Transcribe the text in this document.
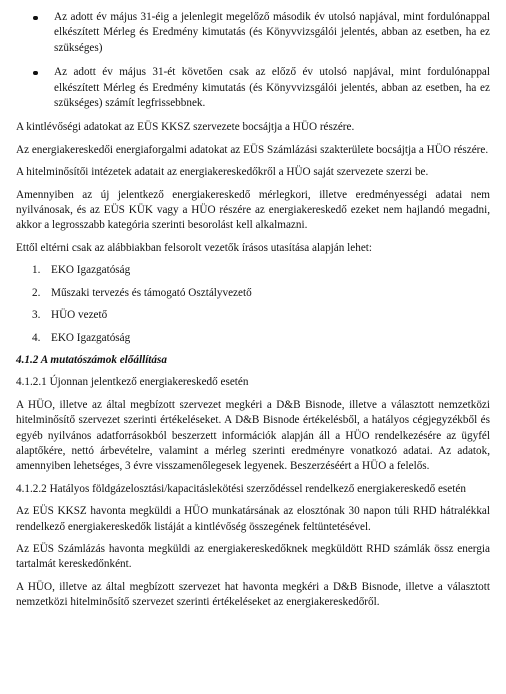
Az adott év május 31-éig a jelenlegit megelőző második év utolsó napjával, mint fordulónappal elkészített Mérleg és Eredmény kimutatás (és Könyvvizsgálói jelentés, abban az esetben, ha ez szükséges)
Az adott év május 31-ét követően csak az előző év utolsó napjával, mint fordulónappal elkészített Mérleg és Eredmény kimutatás (és Könyvvizsgálói jelentés, abban az esetben, ha ez szükséges) számít legfrissebbnek.

A kintlévőségi adatokat az EÜS KKSZ szervezete bocsájtja a HÜO részére.

Az energiakereskedői energiaforgalmi adatokat az EÜS Számlázási szakterülete bocsájtja a HÜO részére.

A hitelminősítői intézetek adatait az energiakereskedőkről a HÜO saját szervezete szerzi be.

Amennyiben az új jelentkező energiakereskedő mérlegkori, illetve eredményességi adatai nem nyilvánosak, és az EÜS KÜK vagy a HÜO részére az energiakereskedő ezeket nem hajlandó megadni, akkor a legrosszabb kategória szerinti besorolást kell alkalmazni.

Ettől eltérni csak az alábbiakban felsorolt vezetők írásos utasítása alapján lehet:

1. EKO Igazgatóság
2. Műszaki tervezés és támogató Osztályvezető
3. HÜO vezető
4. EKO Igazgatóság

4.1.2 A mutatószámok előállítása

4.1.2.1 Újonnan jelentkező energiakereskedő esetén

A HÜO, illetve az által megbízott szervezet megkéri a D&B Bisnode, illetve a választott nemzetközi hitelminősítő szervezet szerinti értékeléseket. A D&B Bisnode értékelésből, a hatályos cégjegyzékből és egyéb nyilvános adatforrásokból beszerzett információk alapján áll a HÜO rendelkezésére az ügyfél alaptőkére, nettó árbevételre, valamint a mérleg szerinti eredményre vonatkozó adatai. Az adatok, amennyiben lehetséges, 3 évre visszamenőlegesek legyenek. Beszerzéséért a HÜO a felelős.

4.1.2.2 Hatályos földgázelosztási/kapacitáslekötési szerződéssel rendelkező energiakereskedő esetén

Az EÜS KKSZ havonta megküldi a HÜO munkatársának az elosztónak 30 napon túli RHD hátralékkal rendelkező energiakereskedők listáját a kintlévőség összegének feltüntetésével.

Az EÜS Számlázás havonta megküldi az energiakereskedőknek megküldött RHD számlák össz energia tartalmát kereskedőnként.

A HÜO, illetve az által megbízott szervezet hat havonta megkéri a D&B Bisnode, illetve a választott nemzetközi hitelminősítő szervezet szerinti értékeléseket az energiakereskedőről.
